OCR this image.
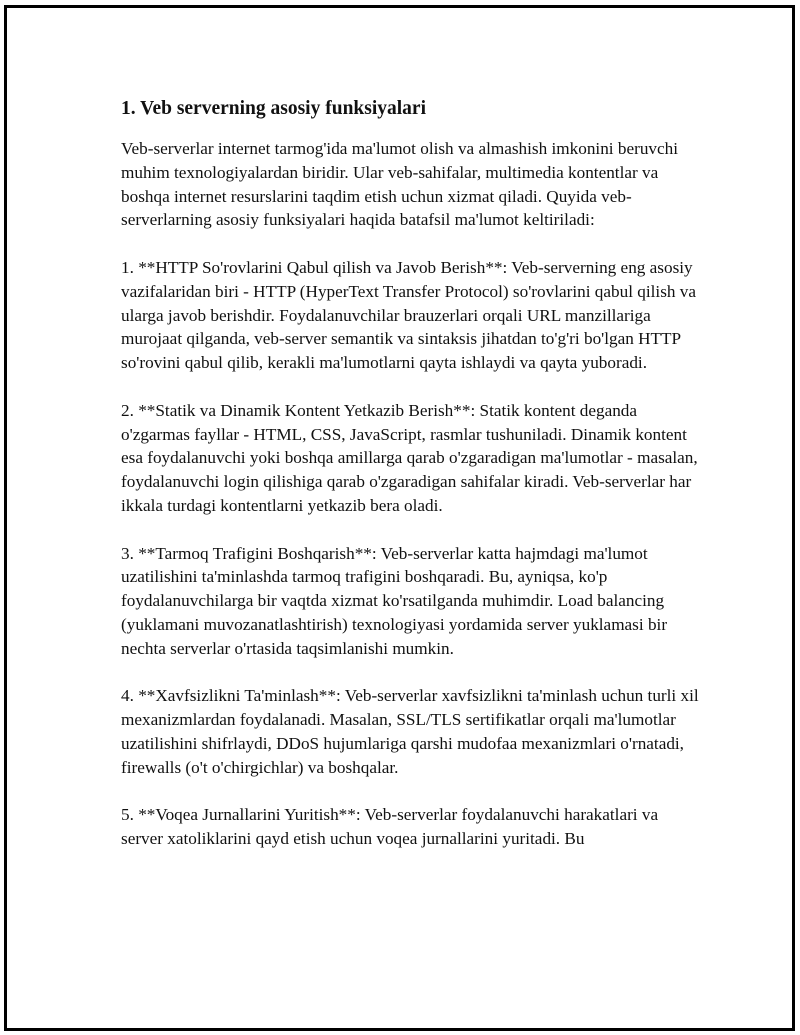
1. Veb serverning asosiy funksiyalari

Veb-serverlar internet tarmog'ida ma'lumot olish va almashish imkonini beruvchi muhim texnologiyalardan biridir. Ular veb-sahifalar, multimedia kontentlar va boshqa internet resurslarini taqdim etish uchun xizmat qiladi. Quyida veb-serverlarning asosiy funksiyalari haqida batafsil ma'lumot keltiriladi:

1. **HTTP So'rovlarini Qabul qilish va Javob Berish**: Veb-serverning eng asosiy vazifalaridan biri - HTTP (HyperText Transfer Protocol) so'rovlarini qabul qilish va ularga javob berishdir. Foydalanuvchilar brauzerlari orqali URL manzillariga murojaat qilganda, veb-server semantik va sintaksis jihatdan to'g'ri bo'lgan HTTP so'rovini qabul qilib, kerakli ma'lumotlarni qayta ishlaydi va qayta yuboradi.

2. **Statik va Dinamik Kontent Yetkazib Berish**: Statik kontent deganda o'zgarmas fayllar - HTML, CSS, JavaScript, rasmlar tushuniladi. Dinamik kontent esa foydalanuvchi yoki boshqa amillarga qarab o'zgaradigan ma'lumotlar - masalan, foydalanuvchi login qilishiga qarab o'zgaradigan sahifalar kiradi. Veb-serverlar har ikkala turdagi kontentlarni yetkazib bera oladi.

3. **Tarmoq Trafigini Boshqarish**: Veb-serverlar katta hajmdagi ma'lumot uzatilishini ta'minlashda tarmoq trafigini boshqaradi. Bu, ayniqsa, ko'p foydalanuvchilarga bir vaqtda xizmat ko'rsatilganda muhimdir. Load balancing (yuklamani muvozanatlashtirish) texnologiyasi yordamida server yuklamasi bir nechta serverlar o'rtasida taqsimlanishi mumkin.

4. **Xavfsizlikni Ta'minlash**: Veb-serverlar xavfsizlikni ta'minlash uchun turli xil mexanizmlardan foydalanadi. Masalan, SSL/TLS sertifikatlar orqali ma'lumotlar uzatilishini shifrlaydi, DDoS hujumlariga qarshi mudofaa mexanizmlari o'rnatadi, firewalls (o't o'chirgichlar) va boshqalar.

5. **Voqea Jurnallarini Yuritish**: Veb-serverlar foydalanuvchi harakatlari va server xatoliklarini qayd etish uchun voqea jurnallarini yuritadi. Bu
